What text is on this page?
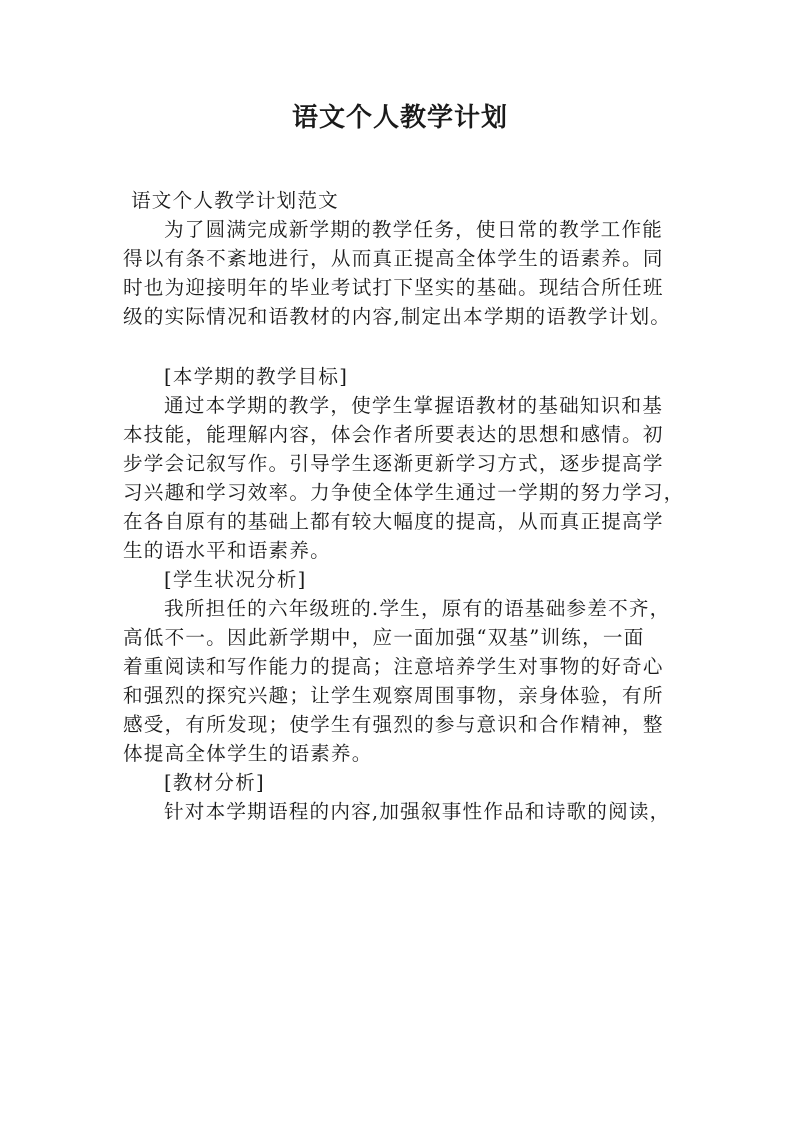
语文个人教学计划

语文个人教学计划范文

为了圆满完成新学期的教学任务，使日常的教学工作能
得以有条不紊地进行，从而真正提高全体学生的语素养。同
时也为迎接明年的毕业考试打下坚实的基础。现结合所任班
级的实际情况和语教材的内容,制定出本学期的语教学计划。

[本学期的教学目标]

通过本学期的教学，使学生掌握语教材的基础知识和基
本技能，能理解内容，体会作者所要表达的思想和感情。初
步学会记叙写作。引导学生逐渐更新学习方式，逐步提高学
习兴趣和学习效率。力争使全体学生通过一学期的努力学习，
在各自原有的基础上都有较大幅度的提高，从而真正提高学
生的语水平和语素养。

[学生状况分析]

我所担任的六年级班的.学生，原有的语基础参差不齐，
高低不一。因此新学期中，应一面加强“双基”训练，一面
着重阅读和写作能力的提高；注意培养学生对事物的好奇心
和强烈的探究兴趣；让学生观察周围事物，亲身体验，有所
感受，有所发现；使学生有强烈的参与意识和合作精神，整
体提高全体学生的语素养。

[教材分析]

针对本学期语程的内容,加强叙事性作品和诗歌的阅读，
